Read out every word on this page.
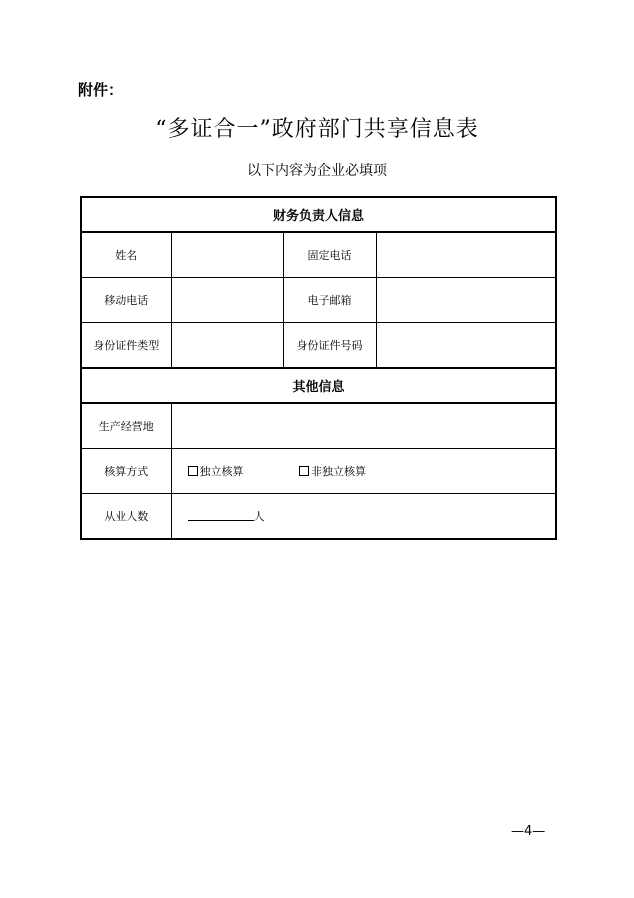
附件：
“多证合一”政府部门共享信息表
以下内容为企业必填项
财务负责人信息			
姓名		固定电话	
移动电话		电子邮箱	
身份证件类型		身份证件号码	
其他信息			
生产经营地			
核算方式	独立核算 非独立核算		
从业人数	人		
—4—
